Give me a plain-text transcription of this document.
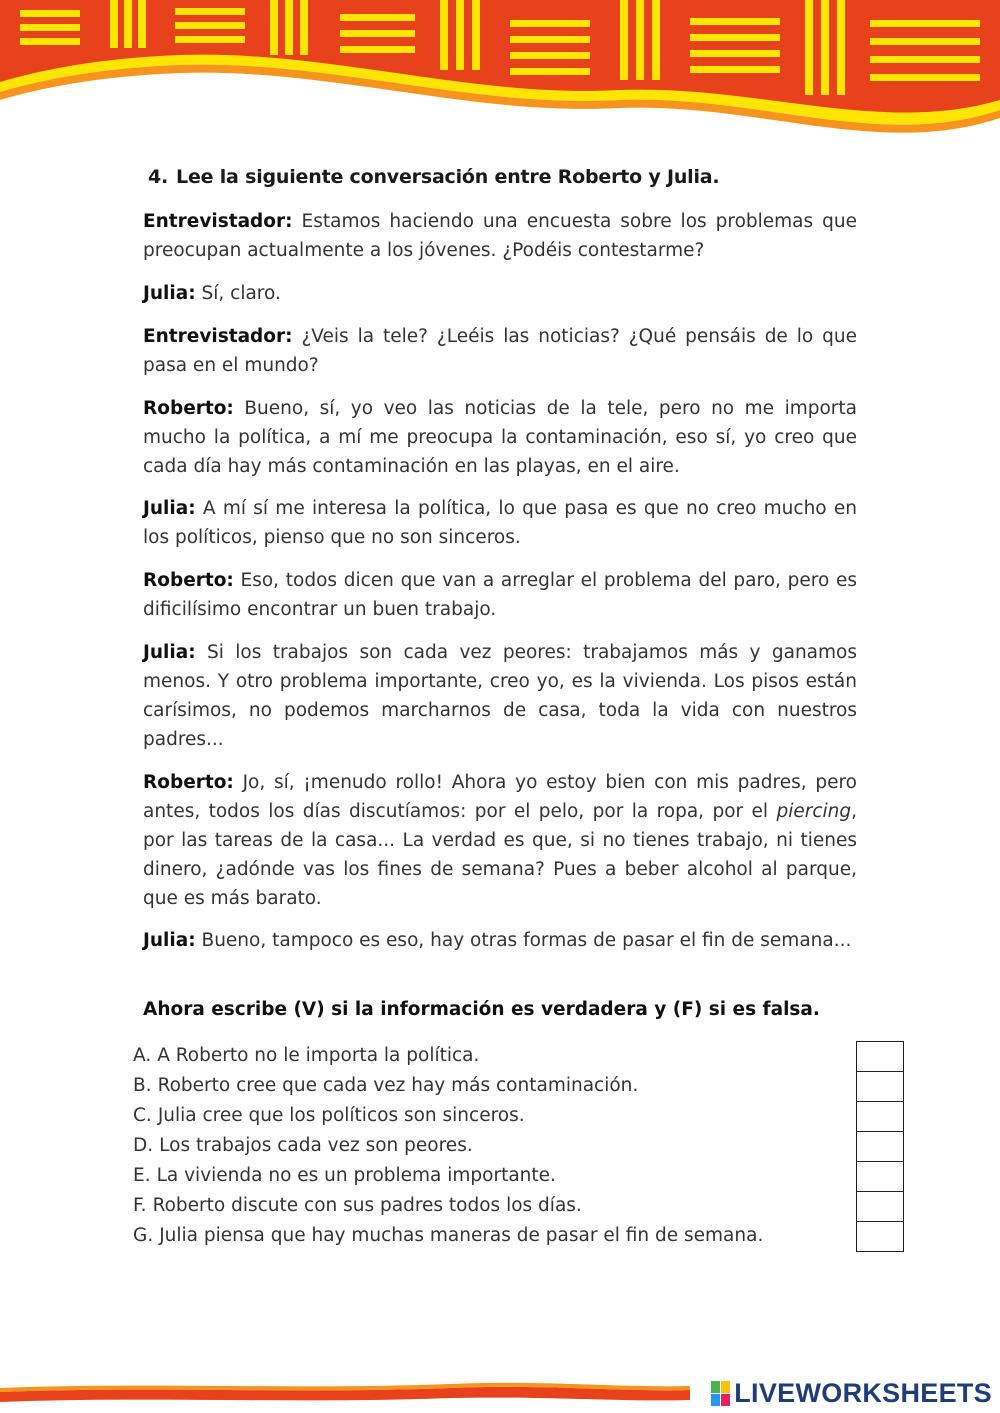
4. Lee la siguiente conversación entre Roberto y Julia.
Entrevistador: Estamos haciendo una encuesta sobre los problemas que preocupan actualmente a los jóvenes. ¿Podéis contestarme?
Julia: Sí, claro.
Entrevistador: ¿Veis la tele? ¿Leéis las noticias? ¿Qué pensáis de lo que pasa en el mundo?
Roberto: Bueno, sí, yo veo las noticias de la tele, pero no me importa mucho la política, a mí me preocupa la contaminación, eso sí, yo creo que cada día hay más contaminación en las playas, en el aire.
Julia: A mí sí me interesa la política, lo que pasa es que no creo mucho en los políticos, pienso que no son sinceros.
Roberto: Eso, todos dicen que van a arreglar el problema del paro, pero es dificilísimo encontrar un buen trabajo.
Julia: Si los trabajos son cada vez peores: trabajamos más y ganamos menos. Y otro problema importante, creo yo, es la vivienda. Los pisos están carísimos, no podemos marcharnos de casa, toda la vida con nuestros padres...
Roberto: Jo, sí, ¡menudo rollo! Ahora yo estoy bien con mis padres, pero antes, todos los días discutíamos: por el pelo, por la ropa, por el piercing, por las tareas de la casa... La verdad es que, si no tienes trabajo, ni tienes dinero, ¿adónde vas los fines de semana? Pues a beber alcohol al parque, que es más barato.
Julia: Bueno, tampoco es eso, hay otras formas de pasar el fin de semana...
Ahora escribe (V) si la información es verdadera y (F) si es falsa.
A. A Roberto no le importa la política.
B. Roberto cree que cada vez hay más contaminación.
C. Julia cree que los políticos son sinceros.
D. Los trabajos cada vez son peores.
E. La vivienda no es un problema importante.
F. Roberto discute con sus padres todos los días.
G. Julia piensa que hay muchas maneras de pasar el fin de semana.
LIVEWORKSHEETS
